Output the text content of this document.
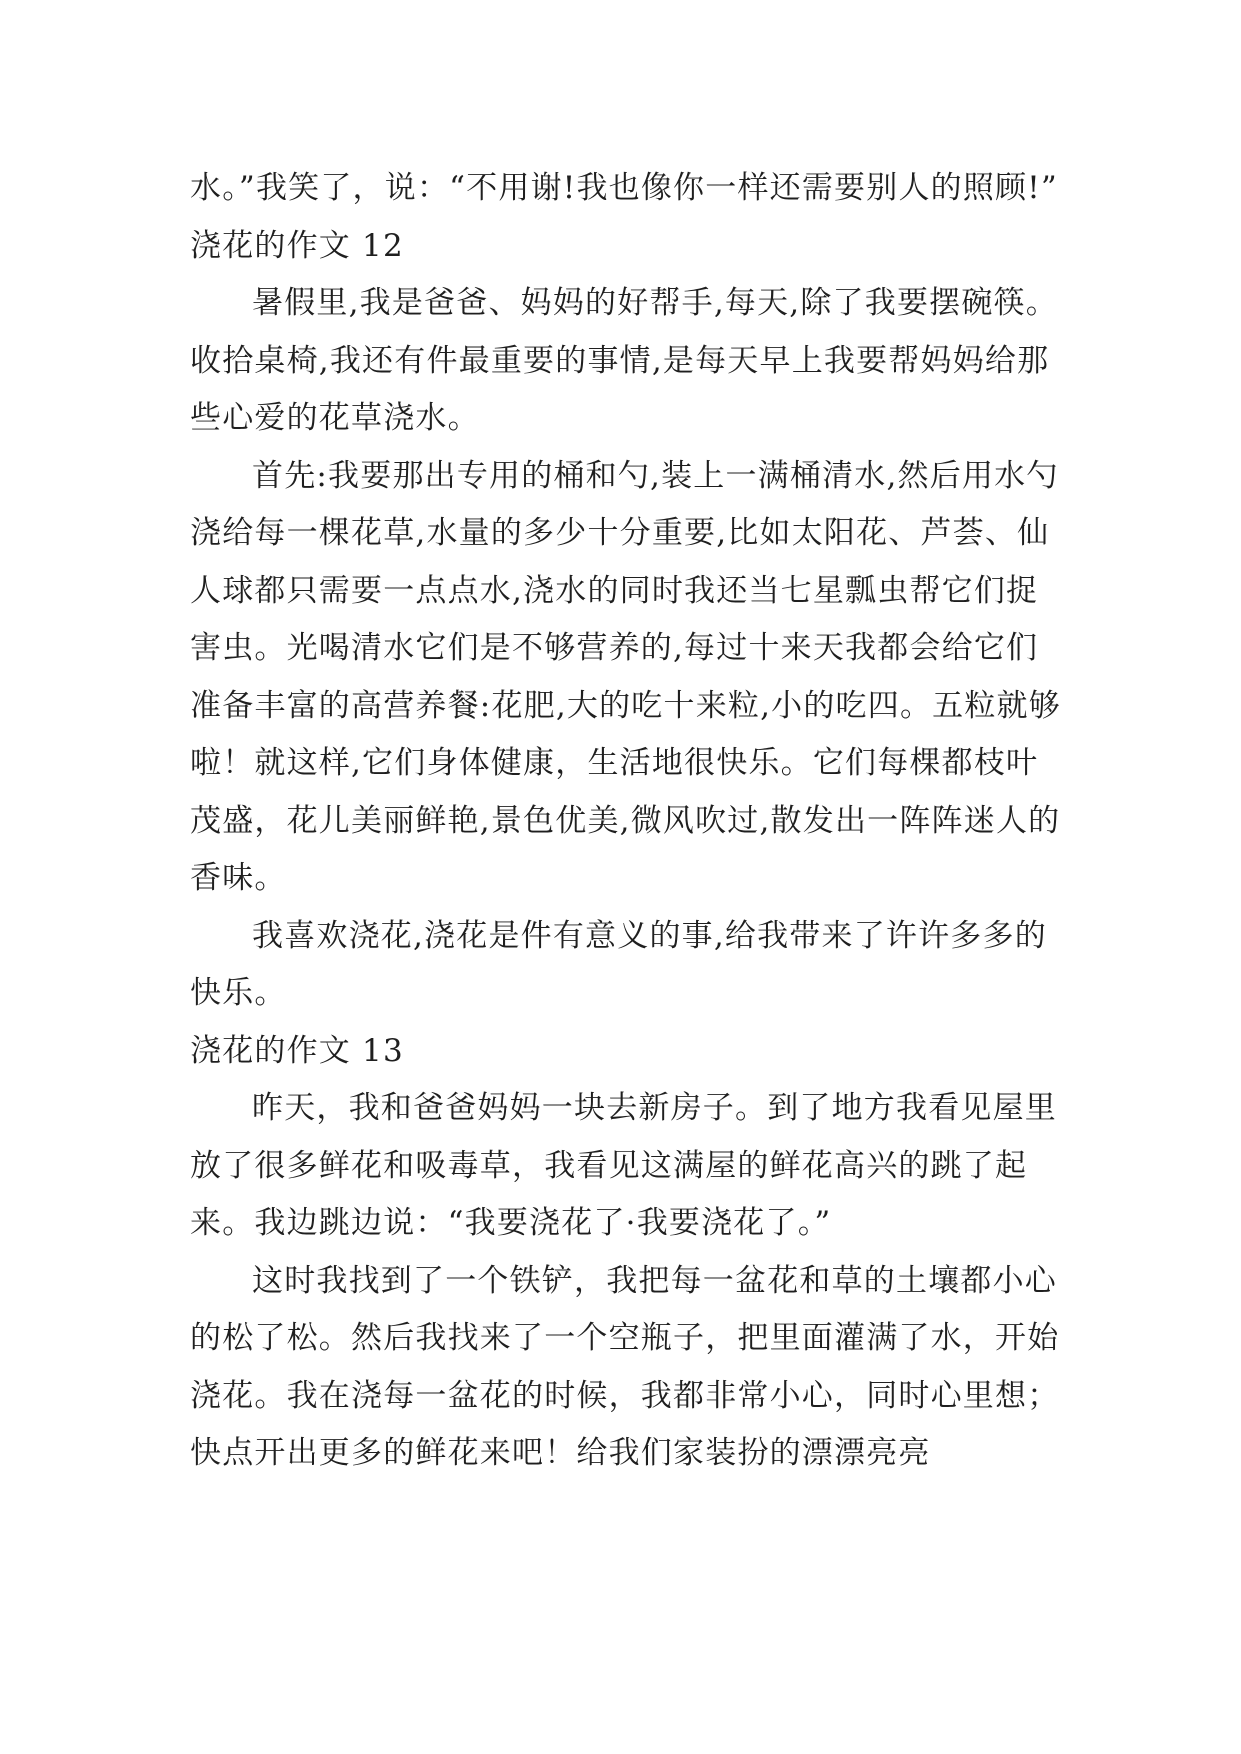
水。”我笑了，说：“不用谢!我也像你一样还需要别人的照顾!”

浇花的作文 12

暑假里,我是爸爸、妈妈的好帮手,每天,除了我要摆碗筷。收拾桌椅,我还有件最重要的事情,是每天早上我要帮妈妈给那些心爱的花草浇水。

首先:我要那出专用的桶和勺,装上一满桶清水,然后用水勺浇给每一棵花草,水量的多少十分重要,比如太阳花、芦荟、仙人球都只需要一点点水,浇水的同时我还当七星瓢虫帮它们捉害虫。光喝清水它们是不够营养的,每过十来天我都会给它们准备丰富的高营养餐:花肥,大的吃十来粒,小的吃四。五粒就够啦！就这样,它们身体健康，生活地很快乐。它们每棵都枝叶茂盛，花儿美丽鲜艳,景色优美,微风吹过,散发出一阵阵迷人的香味。

我喜欢浇花,浇花是件有意义的事,给我带来了许许多多的快乐。

浇花的作文 13

昨天，我和爸爸妈妈一块去新房子。到了地方我看见屋里放了很多鲜花和吸毒草，我看见这满屋的鲜花高兴的跳了起来。我边跳边说：“我要浇花了·我要浇花了。”

这时我找到了一个铁铲，我把每一盆花和草的土壤都小心的松了松。然后我找来了一个空瓶子，把里面灌满了水，开始浇花。我在浇每一盆花的时候，我都非常小心，同时心里想；快点开出更多的鲜花来吧！给我们家装扮的漂漂亮亮
